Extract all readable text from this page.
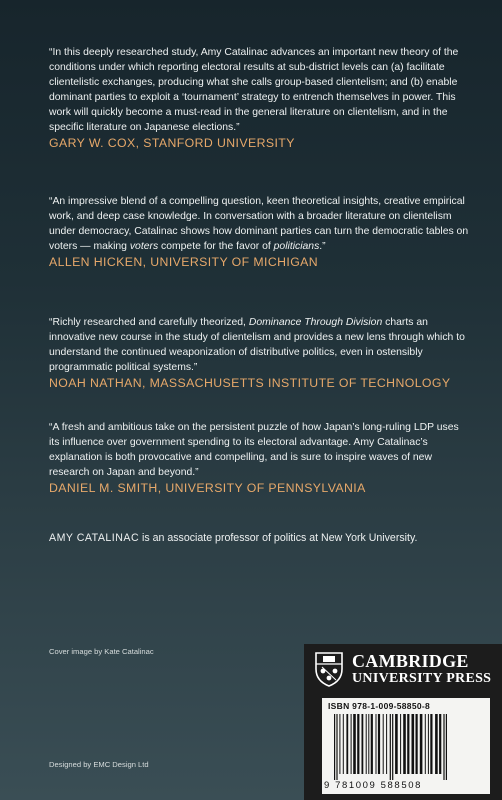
“In this deeply researched study, Amy Catalinac advances an important new theory of the conditions under which reporting electoral results at sub-district levels can (a) facilitate clientelistic exchanges, producing what she calls group-based clientelism; and (b) enable dominant parties to exploit a ‘tournament’ strategy to entrench themselves in power. This work will quickly become a must-read in the general literature on clientelism, and in the specific literature on Japanese elections.”
GARY W. COX, STANFORD UNIVERSITY
“An impressive blend of a compelling question, keen theoretical insights, creative empirical work, and deep case knowledge. In conversation with a broader literature on clientelism under democracy, Catalinac shows how dominant parties can turn the democratic tables on voters — making voters compete for the favor of politicians.”
ALLEN HICKEN, UNIVERSITY OF MICHIGAN
“Richly researched and carefully theorized, Dominance Through Division charts an innovative new course in the study of clientelism and provides a new lens through which to understand the continued weaponization of distributive politics, even in ostensibly programmatic political systems.”
NOAH NATHAN, MASSACHUSETTS INSTITUTE OF TECHNOLOGY
“A fresh and ambitious take on the persistent puzzle of how Japan’s long-ruling LDP uses its influence over government spending to its electoral advantage. Amy Catalinac’s explanation is both provocative and compelling, and is sure to inspire waves of new research on Japan and beyond.”
DANIEL M. SMITH, UNIVERSITY OF PENNSYLVANIA
AMY CATALINAC is an associate professor of politics at New York University.
Cover image by Kate Catalinac
Designed by EMC Design Ltd
CAMBRIDGE
UNIVERSITY PRESS
ISBN 978-1-009-58850-8
9 781009 588508
